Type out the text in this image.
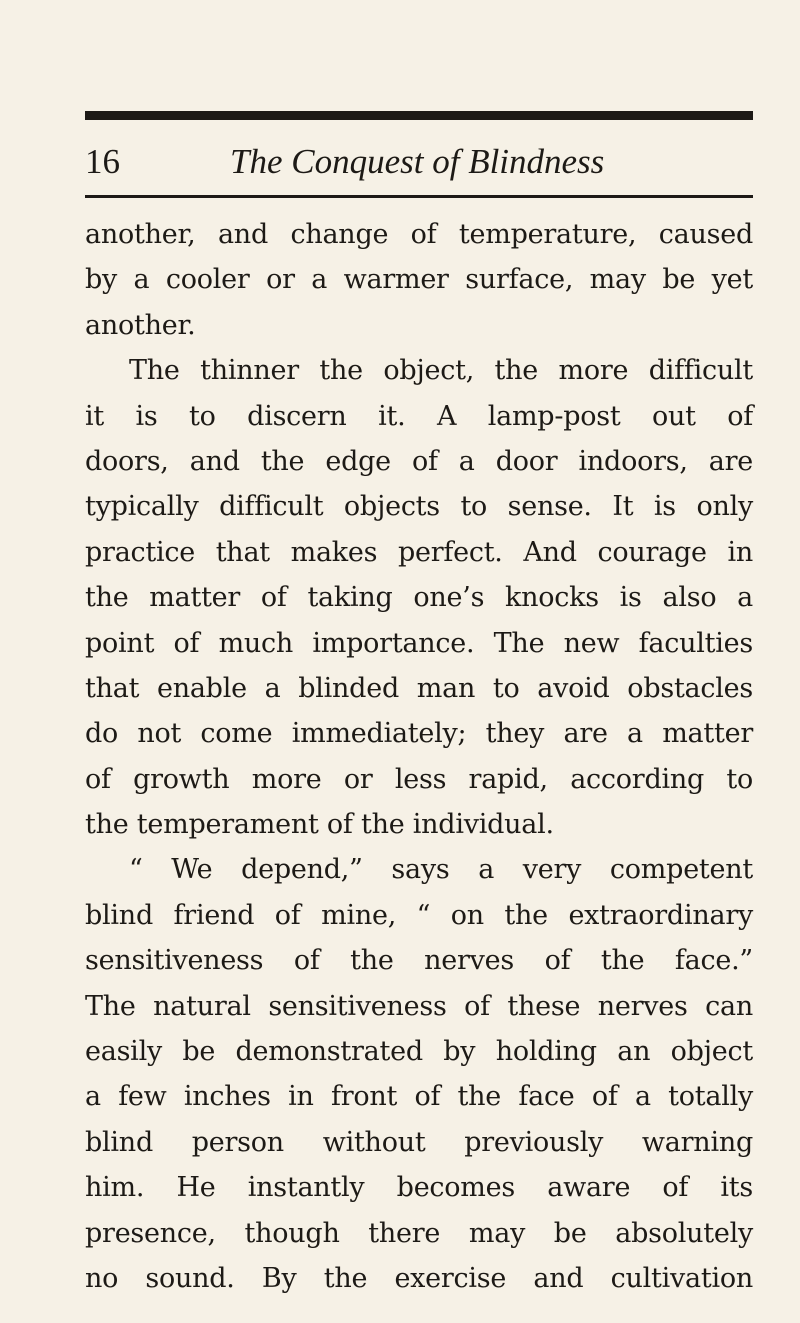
16	The Conquest of Blindness
another, and change of temperature, caused
by a cooler or a warmer surface, may be yet
another.
The thinner the object, the more difficult
it is to discern it. A lamp-post out of
doors, and the edge of a door indoors, are
typically difficult objects to sense. It is only
practice that makes perfect. And courage in
the matter of taking one’s knocks is also a
point of much importance. The new faculties
that enable a blinded man to avoid obstacles
do not come immediately; they are a matter
of growth more or less rapid, according to
the temperament of the individual.
“ We depend,” says a very competent
blind friend of mine, “ on the extraordinary
sensitiveness of the nerves of the face.”
The natural sensitiveness of these nerves can
easily be demonstrated by holding an object
a few inches in front of the face of a totally
blind person without previously warning
him. He instantly becomes aware of its
presence, though there may be absolutely
no sound. By the exercise and cultivation
